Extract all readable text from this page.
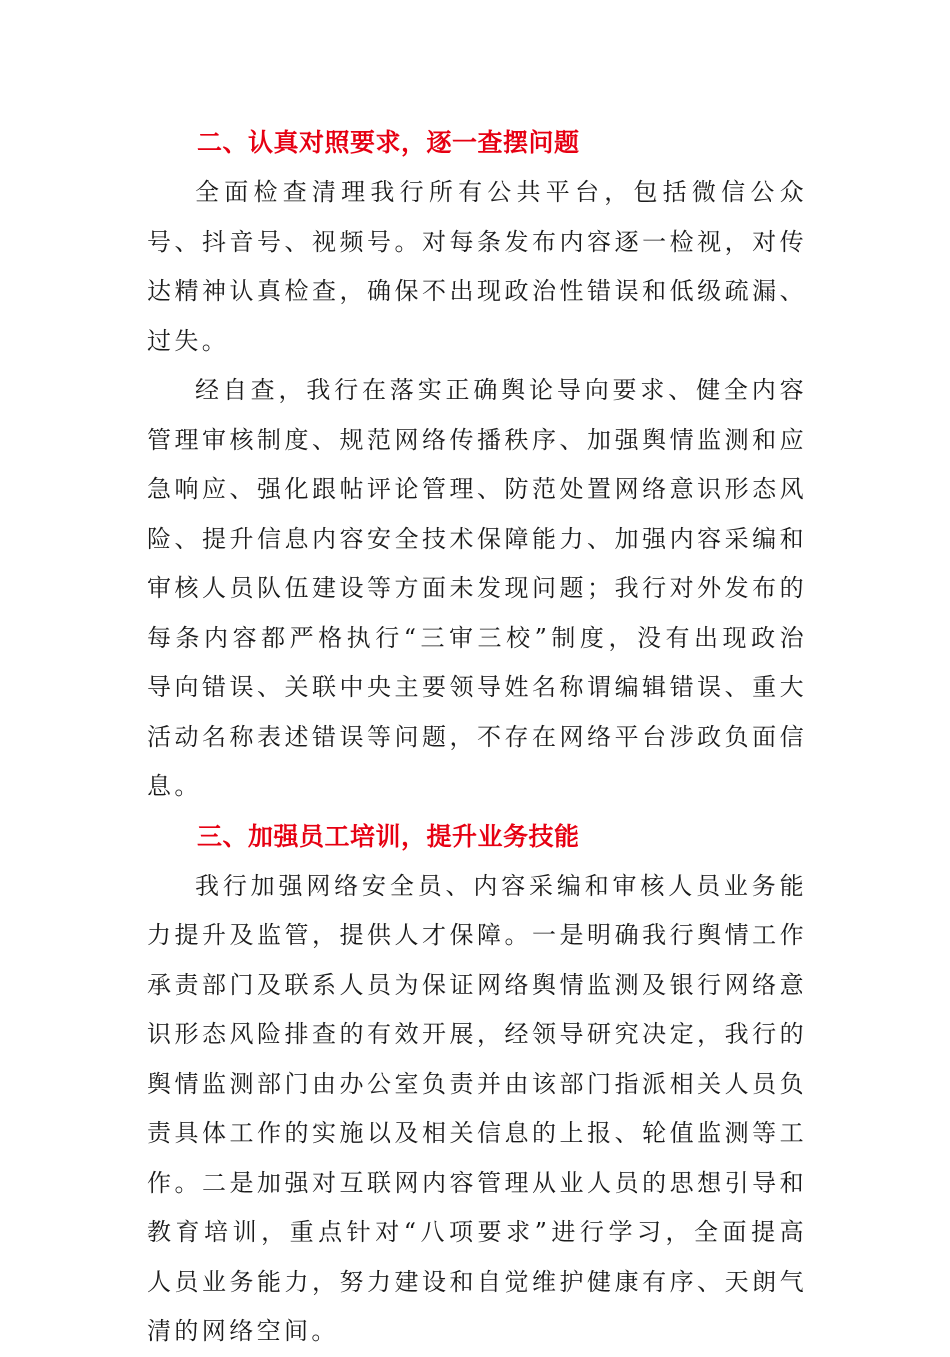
二、认真对照要求，逐一查摆问题

全面检查清理我行所有公共平台，包括微信公众号、抖音号、视频号。对每条发布内容逐一检视，对传达精神认真检查，确保不出现政治性错误和低级疏漏、过失。

经自查，我行在落实正确舆论导向要求、健全内容管理审核制度、规范网络传播秩序、加强舆情监测和应急响应、强化跟帖评论管理、防范处置网络意识形态风险、提升信息内容安全技术保障能力、加强内容采编和审核人员队伍建设等方面未发现问题；我行对外发布的每条内容都严格执行“三审三校”制度，没有出现政治导向错误、关联中央主要领导姓名称谓编辑错误、重大活动名称表述错误等问题，不存在网络平台涉政负面信息。

三、加强员工培训，提升业务技能

我行加强网络安全员、内容采编和审核人员业务能力提升及监管，提供人才保障。一是明确我行舆情工作承责部门及联系人员为保证网络舆情监测及银行网络意识形态风险排查的有效开展，经领导研究决定，我行的舆情监测部门由办公室负责并由该部门指派相关人员负责具体工作的实施以及相关信息的上报、轮值监测等工作。二是加强对互联网内容管理从业人员的思想引导和教育培训，重点针对“八项要求”进行学习，全面提高人员业务能力，努力建设和自觉维护健康有序、天朗气清的网络空间。
